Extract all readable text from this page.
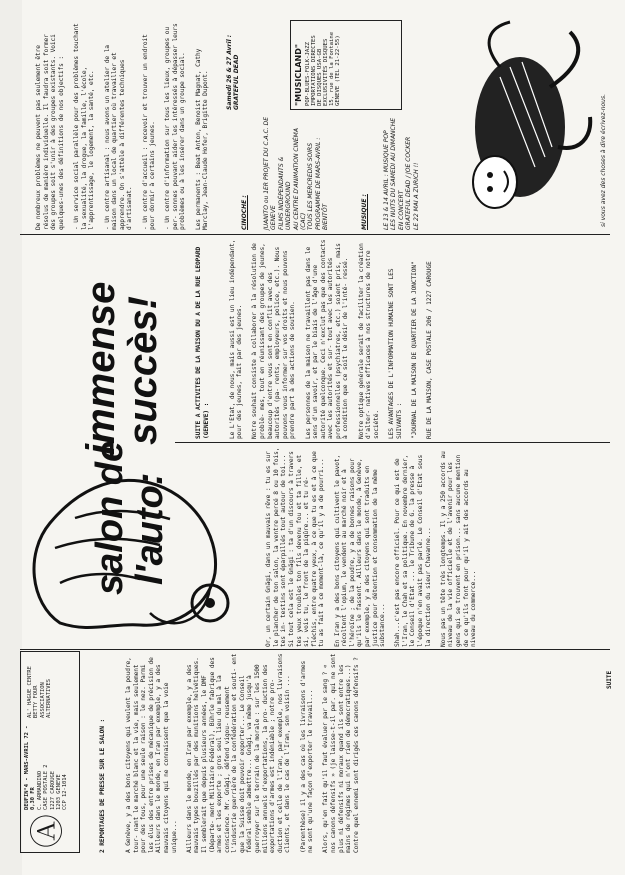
Ⓐ
DEUFIN°4 - MARS-AVRIL 72 - 0,30 FR C. ARMANDINO CASE POSTALE 2 1227 CAROUGE 1203 GENEVE CCP 12-1014
AL' HAGUE CENTRE BETTY FOUR ASSOCIATION ALTERNATIVES

2 REPORTAGES DE PRESSE SUR LE SALON :

	A Genève, y a des bons citoyens qui veulent la poudre, tour- nant le marché blanc et la vie, mais seulement pour des fous, pour une seule raison : le nez. Parmi les élus des entre prises de mécanique de précision de Ailleurs dans le monde, en Iran par exemple, y a des mauvais citoyens qui ne connaissent que la voie unique...

Ailleurs dans le monde, en Iran par exemple, y a des mauvais types bouzillés par des munitions helvétiques. Il semblerait que depuis plusieurs années, le DMF (Départe- ment Militaire Fédéral), Bührle fabrique des armes et les exporte ; gros seul lieu du mal à la conscience. Mr. Gnägi, défend vigou- reusement l'industrie guerrière de la confédération et souti- ent que la Suisse doit pouvoir exporter... Le Conseil fédéral semble admettre... Gnägi, va même jusqu'à guerroyer sur le terrain de la morale : sur les 1500 millions annuels d'exportations, la pro- duction des exportations d'armes est indéniable ; notre pro- duction et celle de l'Iran, par exemple, nos livraisons clients, et dans le cas de l'Iran, son voisin ...

(Parenthèse) il y a des cas où les livraisons d'armes ne sont qu'une façon d'exporter le travail...

Alors, qu'en fait qu'il faut évaluer par le sang ? « nos canons défensifs » (je laisse-t-il par. qui ne sont plus ni défensifs ni moraux quand ils sont entre les mains de régimes qui n'ont rien de démocratiques...) Contre quel ennemi sont dirigés ces canons défensifs ?

Or, un certain Gnägi, dans un mauvais rêve : tu es sur le plancher de ton salon, la ventre percé 8 ou 10 fois, tes in- testins sont éparpillés tout autour de toi... Si tout cela est le Gnägi : ta d'un discours à travers tes yeux troubles ton fils devenu fou et ta fille, et si, vois tu, le front de la piqûre... et tu ré- fléchis, entre quatre yeux, à ce que tu es et à ce que tu as fait à ce moment-là, ce qu'il y a de pourri...

En Iran y a des bons citoyens qui cultivent le pavot, récoltent l'opium, le vendent au marché noir et à l'héroïne ; de la poudre, y a de bonnes raisons pour qu'ils le fassent. Ailleurs dans le monde, à Genève, par exemple, y a des citoyens qui sont traduits en justice pour détention et consommation de la même substance...

Shah...c'est pas encore officiel. Pour ce qui est de l'Iran, le Chah et sa politique. En novembre dernier, le Conseil d'Etat ... le Tribune de G. la presse à l'époque n'en avait pas parlé. Le Conseil d'Etat sous la direction du sieur Chavanne...

Nous pas un tête très longtemps. Il y a 250 accords au niveau de la vie officielle et de l'avenir pour les gens qui se trouvent en prison... sans aucune mention de ce qu'ils font pour qu'il y ait des accords au niveau du commerce...

salon de
l'auto:
immense
succès!

	SUITE A ACTIVITES DE LA MAISON DU A DE LA RUE LEOPARD (GENEVE) :

	Le L'Etat, de nous, mais aussi est un lieu indépendant, pour des jeunes, fait par des jeunes.

Notre souhait consiste à collaborer à la résolution de problè- mes, tout en réunissant des groupes de jeunes, beaucoup d'entre vous sont en conflit avec des autorités (pa- rents, employeurs, police, etc.). Nous pouvons vous informer sur vos droits et nous pouvons prendre part à des actions de soutien.

Les personnes de la maison ne travaillent pas dans le sens d'un savoir, et par le biais de l'âge d'une autorité quelconque. Ceci n'exclut pas que des contacts avec les autorités et sur- tout avec les autorités professionnelles (psychiatres, etc.) soient pris, mais à condition que ce soit le désir de l'inté- ressé.

Notre optique générale serait de faciliter la création d'alter- natives efficaces à nos structures de notre société.

LES AVANTAGES DE L'INFORMATION HUMAINE SONT LES SUIVANTS :

"JOURNAL DE LA MAISON DE QUARTIER DE LA JONCTION"

RUE DE LA MAISON, CASE POSTALE 206 / 1227 CAROUGE

De nombreux problèmes ne peuvent pas seulement être résolus de manière individuelle. Il faudra soit former des groupes soit s'unir à des groupes existants. Voici quelques-unes des définitions de nos objectifs :

- Un service social parallèle pour des problèmes touchant la sexualité, la drogue, la famille, l'école, l'apprentissage, le logement, la santé, etc.

- Un centre artisanal : nous avons un atelier de la maison dans un local de quartier où travailler et apprendre. On s'attèle à différentes techniques d'artisanat.

- Un centre d'accueil : recevoir et trouver un endroit pour dormir à certains jeunes.

- Un centre d'information sur tous les lieux, groupes ou per- sonnes pouvant aider les intéressés à dépasser leurs problèmes ou à les insérer dans un groupe social.

Les permanents : Beat Anton, Benoist Magnat, Cathy Marclay, Jean-Claude Hofer, Brigitte Dupont.

CINOCHE :

	JUANITO ou 1ER PROJET DU C.A.C. DE GENEVE
FILMS INDÉPENDANTS & UNDERGROUND
AU CENTRE D'ANIMATION CINÉMA (CAC)
TOUS LES MERCREDIS SOIRS
PROGRAMME DE MARS-AVRIL : BIENTÔT

	MUSIQUE :

	LE 13 & 14 AVRIL : MUSIQUE POP
LES NUITS DU SAMEDI AU DIMANCHE EN CONCERT
GRATEFUL DEAD / JOE COCKER
LE 22 MAI A ZURICH !!

Samedi 26 & 27 Avril : GRATEFUL DEAD	"MUSICLAND" POP-BLUES-FOLK-JAZZ IMPORTATIONS DIRECTES DE DISQUES USA-GB EXCLUSIVITÉS DISQUES 15, rue de la Fontaine GENEVE (TEL 21-22-55)
si vous avez des choses à dire écrivez-nous.
SUITE
